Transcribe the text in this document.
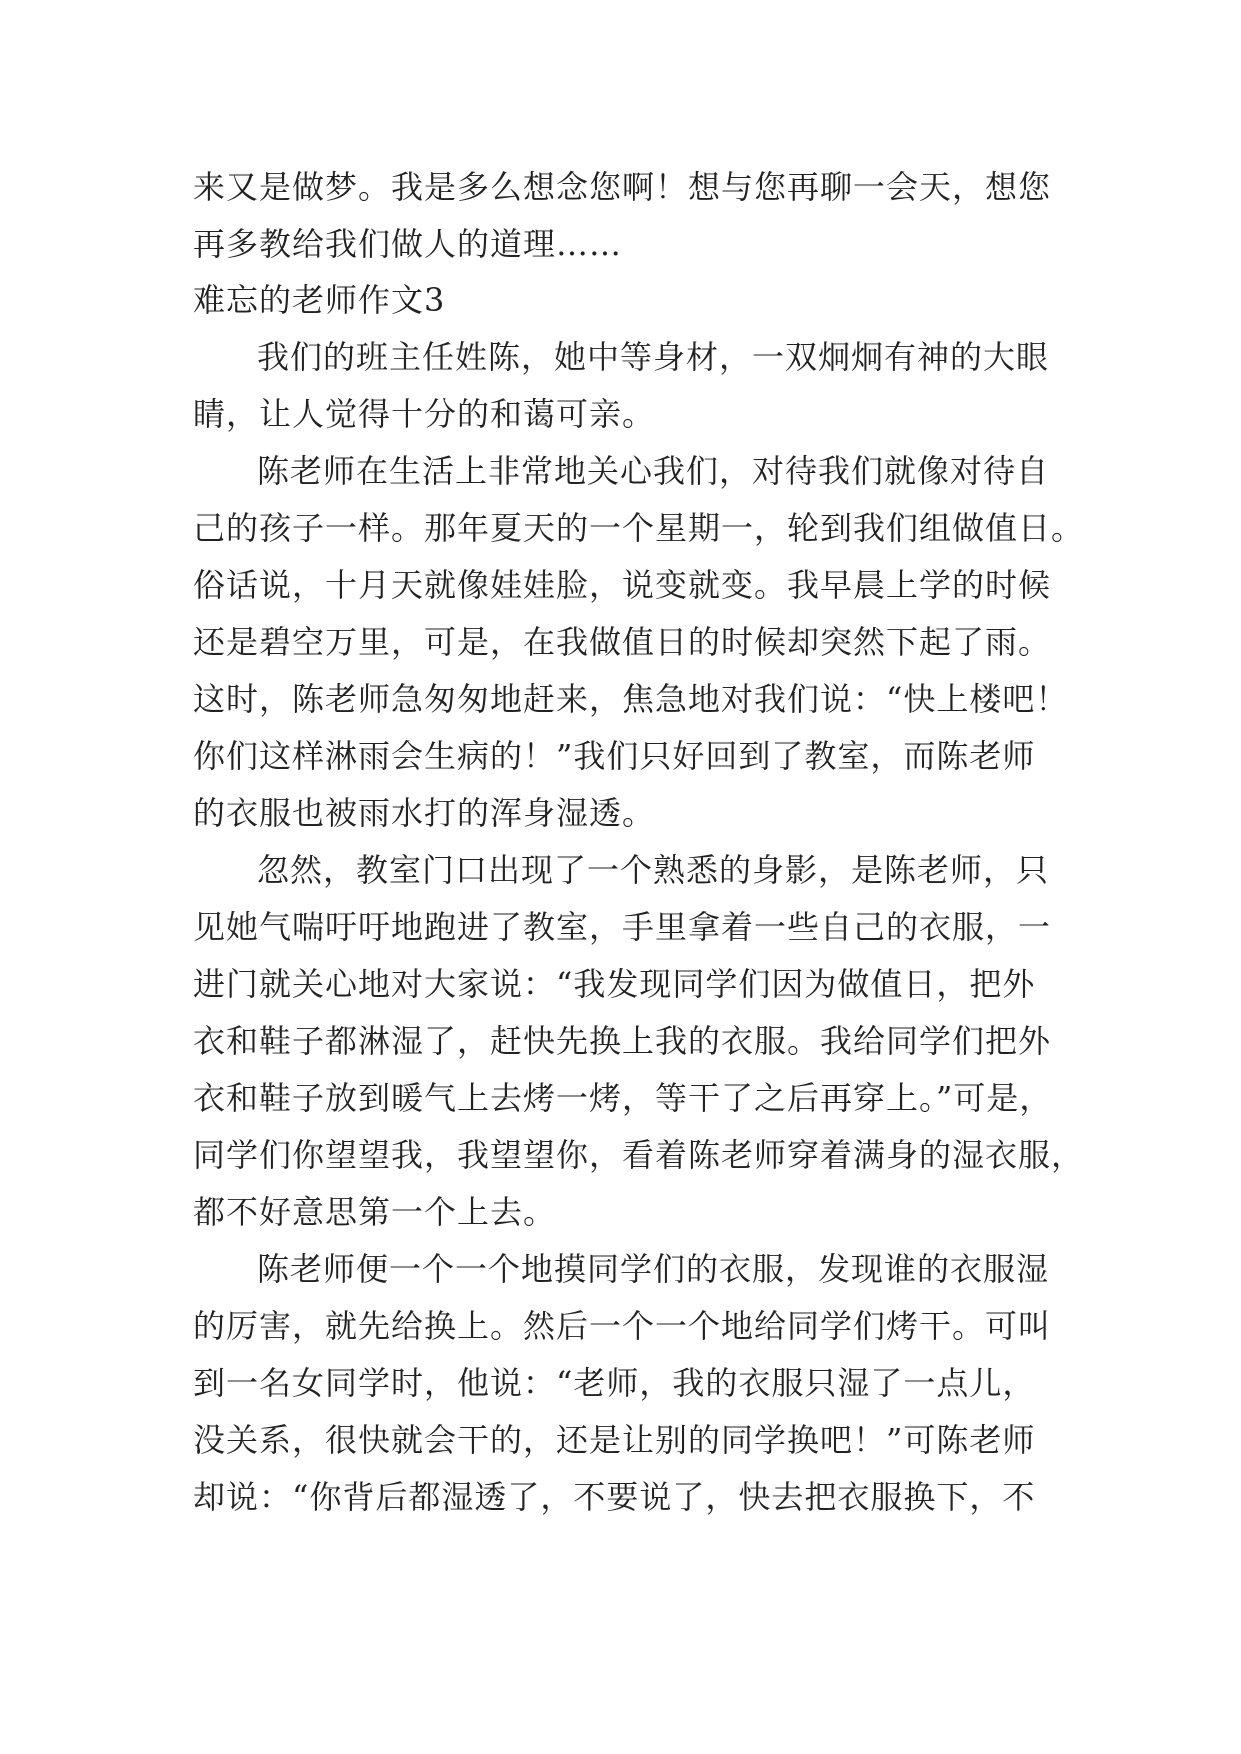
来又是做梦。我是多么想念您啊！想与您再聊一会天，想您
再多教给我们做人的道理……
难忘的老师作文3
我们的班主任姓陈，她中等身材，一双炯炯有神的大眼
睛，让人觉得十分的和蔼可亲。
陈老师在生活上非常地关心我们，对待我们就像对待自
己的孩子一样。那年夏天的一个星期一，轮到我们组做值日。
俗话说，十月天就像娃娃脸，说变就变。我早晨上学的时候
还是碧空万里，可是，在我做值日的时候却突然下起了雨。
这时，陈老师急匆匆地赶来，焦急地对我们说：“快上楼吧！
你们这样淋雨会生病的！”我们只好回到了教室，而陈老师
的衣服也被雨水打的浑身湿透。
忽然，教室门口出现了一个熟悉的身影，是陈老师，只
见她气喘吁吁地跑进了教室，手里拿着一些自己的衣服，一
进门就关心地对大家说：“我发现同学们因为做值日，把外
衣和鞋子都淋湿了，赶快先换上我的衣服。我给同学们把外
衣和鞋子放到暖气上去烤一烤，等干了之后再穿上。”可是，
同学们你望望我，我望望你，看着陈老师穿着满身的湿衣服，
都不好意思第一个上去。
陈老师便一个一个地摸同学们的衣服，发现谁的衣服湿
的厉害，就先给换上。然后一个一个地给同学们烤干。可叫
到一名女同学时，他说：“老师，我的衣服只湿了一点儿，
没关系，很快就会干的，还是让别的同学换吧！”可陈老师
却说：“你背后都湿透了，不要说了，快去把衣服换下，不
